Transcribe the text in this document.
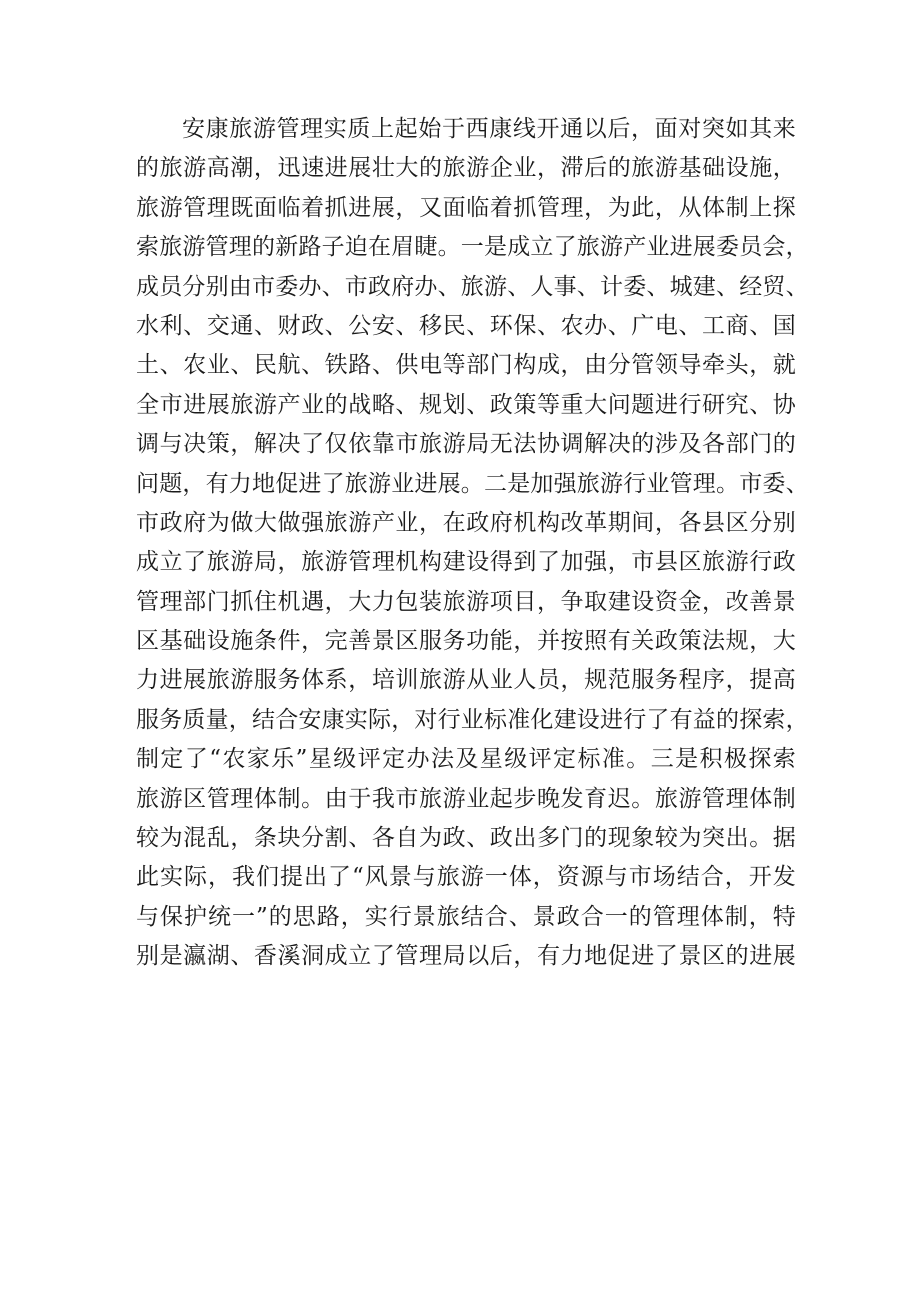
安康旅游管理实质上起始于西康线开通以后，面对突如其来
的旅游高潮，迅速进展壮大的旅游企业，滞后的旅游基础设施，
旅游管理既面临着抓进展，又面临着抓管理，为此，从体制上探
索旅游管理的新路子迫在眉睫。一是成立了旅游产业进展委员会，
成员分别由市委办、市政府办、旅游、人事、计委、城建、经贸、
水利、交通、财政、公安、移民、环保、农办、广电、工商、国
土、农业、民航、铁路、供电等部门构成，由分管领导牵头，就
全市进展旅游产业的战略、规划、政策等重大问题进行研究、协
调与决策，解决了仅依靠市旅游局无法协调解决的涉及各部门的
问题，有力地促进了旅游业进展。二是加强旅游行业管理。市委、
市政府为做大做强旅游产业，在政府机构改革期间，各县区分别
成立了旅游局，旅游管理机构建设得到了加强，市县区旅游行政
管理部门抓住机遇，大力包装旅游项目，争取建设资金，改善景
区基础设施条件，完善景区服务功能，并按照有关政策法规，大
力进展旅游服务体系，培训旅游从业人员，规范服务程序，提高
服务质量，结合安康实际，对行业标准化建设进行了有益的探索，
制定了“农家乐”星级评定办法及星级评定标准。三是积极探索
旅游区管理体制。由于我市旅游业起步晚发育迟。旅游管理体制
较为混乱，条块分割、各自为政、政出多门的现象较为突出。据
此实际，我们提出了“风景与旅游一体，资源与市场结合，开发
与保护统一”的思路，实行景旅结合、景政合一的管理体制，特
别是瀛湖、香溪洞成立了管理局以后，有力地促进了景区的进展
